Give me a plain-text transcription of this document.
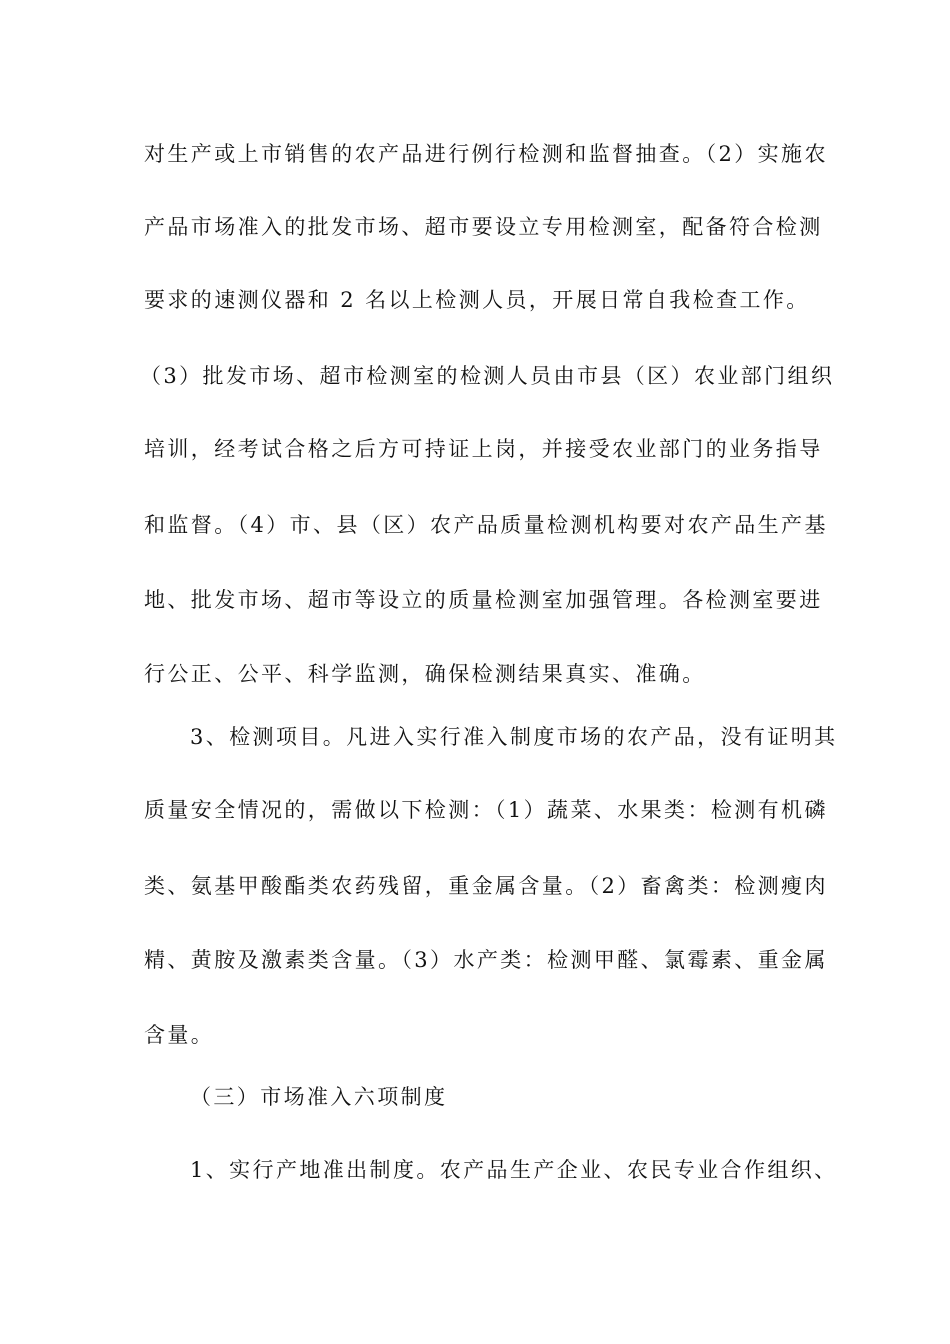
对生产或上市销售的农产品进行例行检测和监督抽查。（2）实施农
产品市场准入的批发市场、超市要设立专用检测室，配备符合检测
要求的速测仪器和 2 名以上检测人员，开展日常自我检查工作。
（3）批发市场、超市检测室的检测人员由市县（区）农业部门组织
培训，经考试合格之后方可持证上岗，并接受农业部门的业务指导
和监督。（4）市、县（区）农产品质量检测机构要对农产品生产基
地、批发市场、超市等设立的质量检测室加强管理。各检测室要进
行公正、公平、科学监测，确保检测结果真实、准确。
3、检测项目。凡进入实行准入制度市场的农产品，没有证明其
质量安全情况的，需做以下检测：（1）蔬菜、水果类：检测有机磷
类、氨基甲酸酯类农药残留，重金属含量。（2）畜禽类：检测瘦肉
精、黄胺及激素类含量。（3）水产类：检测甲醛、氯霉素、重金属
含量。
（三）市场准入六项制度
1、实行产地准出制度。农产品生产企业、农民专业合作组织、
